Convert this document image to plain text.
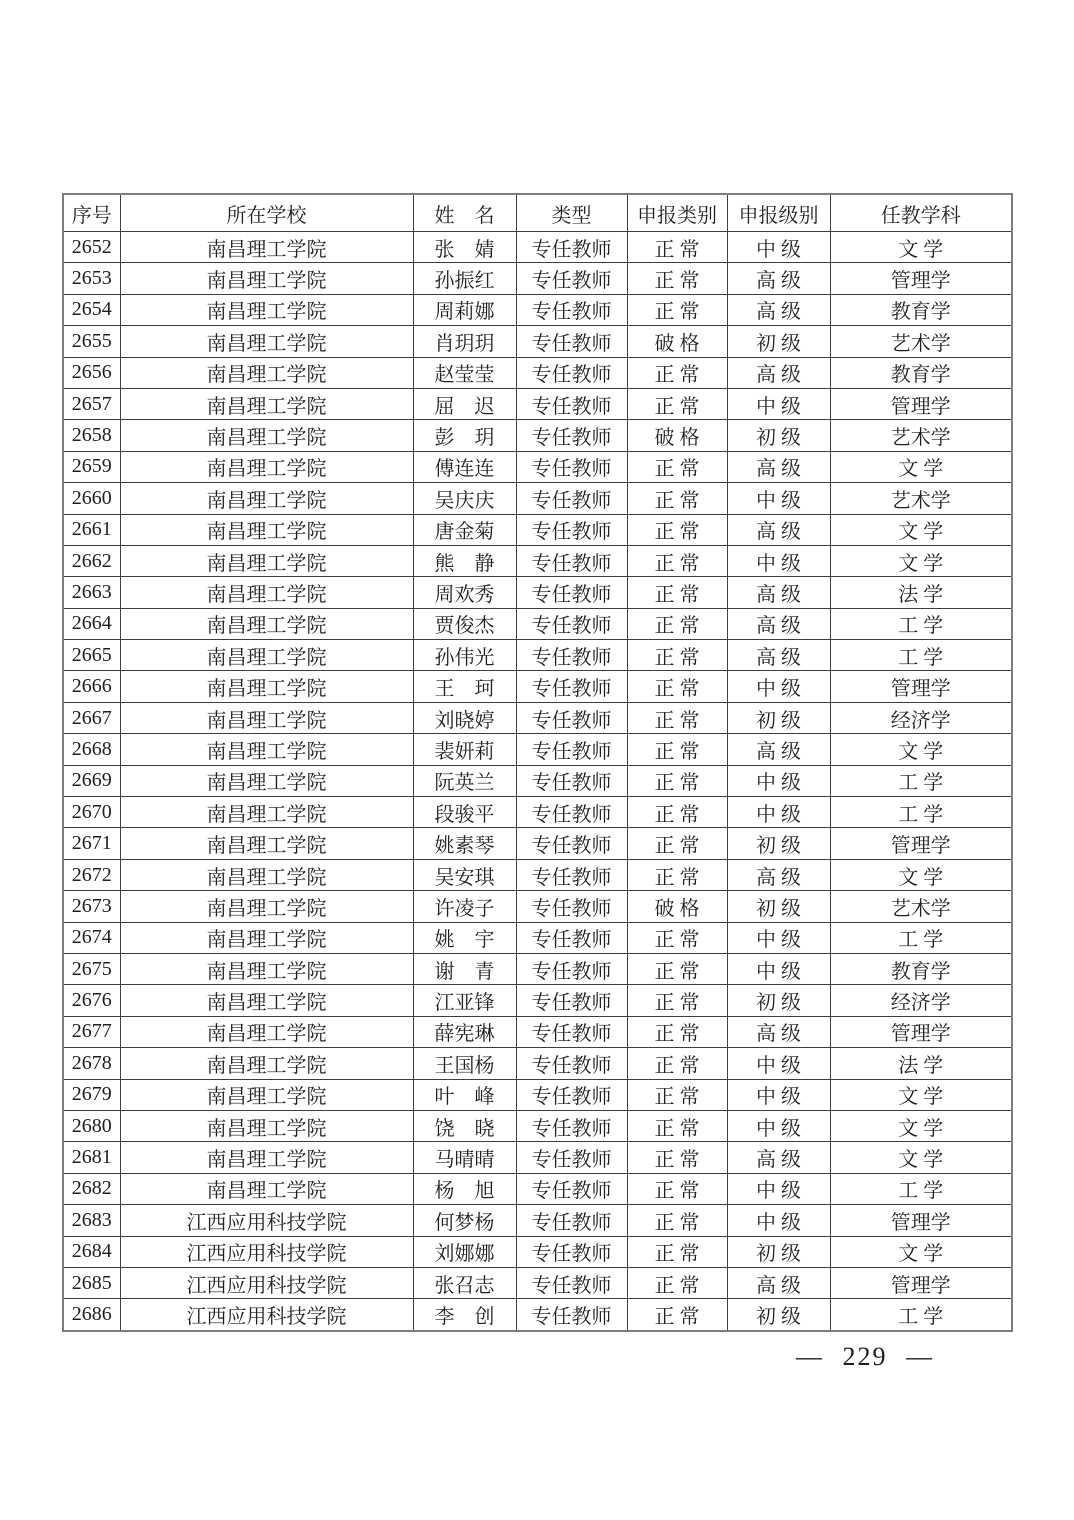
序号	所在学校	姓　名	类型	申报类别	申报级别	任教学科
2652	南昌理工学院	张　婧	专任教师	正 常	中 级	文 学
2653	南昌理工学院	孙振红	专任教师	正 常	高 级	管理学
2654	南昌理工学院	周莉娜	专任教师	正 常	高 级	教育学
2655	南昌理工学院	肖玥玥	专任教师	破 格	初 级	艺术学
2656	南昌理工学院	赵莹莹	专任教师	正 常	高 级	教育学
2657	南昌理工学院	屈　迟	专任教师	正 常	中 级	管理学
2658	南昌理工学院	彭　玥	专任教师	破 格	初 级	艺术学
2659	南昌理工学院	傅连连	专任教师	正 常	高 级	文 学
2660	南昌理工学院	吴庆庆	专任教师	正 常	中 级	艺术学
2661	南昌理工学院	唐金菊	专任教师	正 常	高 级	文 学
2662	南昌理工学院	熊　静	专任教师	正 常	中 级	文 学
2663	南昌理工学院	周欢秀	专任教师	正 常	高 级	法 学
2664	南昌理工学院	贾俊杰	专任教师	正 常	高 级	工 学
2665	南昌理工学院	孙伟光	专任教师	正 常	高 级	工 学
2666	南昌理工学院	王　珂	专任教师	正 常	中 级	管理学
2667	南昌理工学院	刘晓婷	专任教师	正 常	初 级	经济学
2668	南昌理工学院	裴妍莉	专任教师	正 常	高 级	文 学
2669	南昌理工学院	阮英兰	专任教师	正 常	中 级	工 学
2670	南昌理工学院	段骏平	专任教师	正 常	中 级	工 学
2671	南昌理工学院	姚素琴	专任教师	正 常	初 级	管理学
2672	南昌理工学院	吴安琪	专任教师	正 常	高 级	文 学
2673	南昌理工学院	许凌子	专任教师	破 格	初 级	艺术学
2674	南昌理工学院	姚　宇	专任教师	正 常	中 级	工 学
2675	南昌理工学院	谢　青	专任教师	正 常	中 级	教育学
2676	南昌理工学院	江亚锋	专任教师	正 常	初 级	经济学
2677	南昌理工学院	薛宪琳	专任教师	正 常	高 级	管理学
2678	南昌理工学院	王国杨	专任教师	正 常	中 级	法 学
2679	南昌理工学院	叶　峰	专任教师	正 常	中 级	文 学
2680	南昌理工学院	饶　晓	专任教师	正 常	中 级	文 学
2681	南昌理工学院	马晴晴	专任教师	正 常	高 级	文 学
2682	南昌理工学院	杨　旭	专任教师	正 常	中 级	工 学
2683	江西应用科技学院	何梦杨	专任教师	正 常	中 级	管理学
2684	江西应用科技学院	刘娜娜	专任教师	正 常	初 级	文 学
2685	江西应用科技学院	张召志	专任教师	正 常	高 级	管理学
2686	江西应用科技学院	李　创	专任教师	正 常	初 级	工 学
— 229 —
